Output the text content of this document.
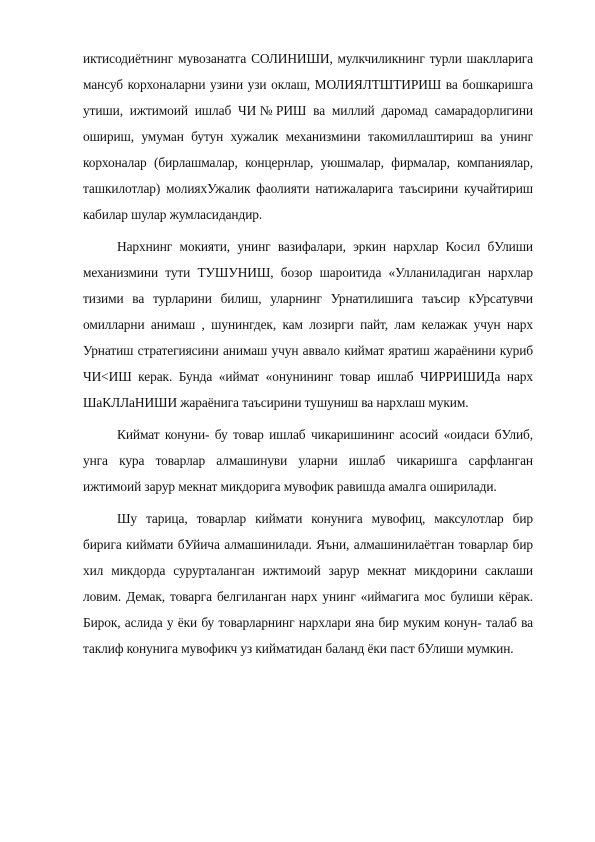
иктисодиётнинг мувозанатга СОЛИНИШИ, мулкчиликнинг турли шаклларига мансуб корхоналарни узини узи оклаш, МОЛИЯЛТШТИРИШ ва бошкаришга утиши, ижтимоий ишлаб ЧИ№РИШ ва миллий даромад самарадорлигини ошириш, умуман бутун хужалик механизмини такомиллаштириш ва унинг корхоналар (бирлашмалар, концернлар, уюшмалар, фирмалар, компаниялар, ташкилотлар) молияхУжалик фаолияти натижаларига таъсирини кучайтириш кабилар шулар жумласидандир.

Нархнинг мокияти, унинг вазифалари, эркин нархлар Косил бУлиши механизмини тути ТУШУНИШ, бозор шароитида «Улланиладиган нархлар тизими ва турларини билиш, уларнинг Урнатилишига таъсир кУрсатувчи омилларни анимаш , шунингдек, кам лозирги пайт, лам келажак учун нарх Урнатиш стратегиясини анимаш учун аввало киймат яратиш жараёнини куриб ЧИ<ИШ керак. Бунда «иймат «онунининг товар ишлаб ЧИРРИШИДа нарх ШаКЛЛаНИШИ жараёнига таъсирини тушуниш ва нархлаш муким.

Киймат конуни- бу товар ишлаб чикаришининг асосий «оидаси бУлиб, унга кура товарлар алмашинуви уларни ишлаб чикаришга сарфланган ижтимоий зарур мекнат микдорига мувофик равишда амалга оширилади.

Шу тарица, товарлар киймати конунига мувофиц, максулотлар бир бирига киймати бУйича алмашинилади. Яъни, алмашинилаётган товарлар бир хил микдорда сурурталанган ижтимоий зарур мекнат микдорини саклаши ловим. Демак, товарга белгиланган нарх унинг «иймагига мос булиши кёрак. Бирок, аслида у ёки бу товарларнинг нархлари яна бир муким конун- талаб ва таклиф конунига мувофикч уз кийматидан баланд ёки паст бУлиши мумкин.
